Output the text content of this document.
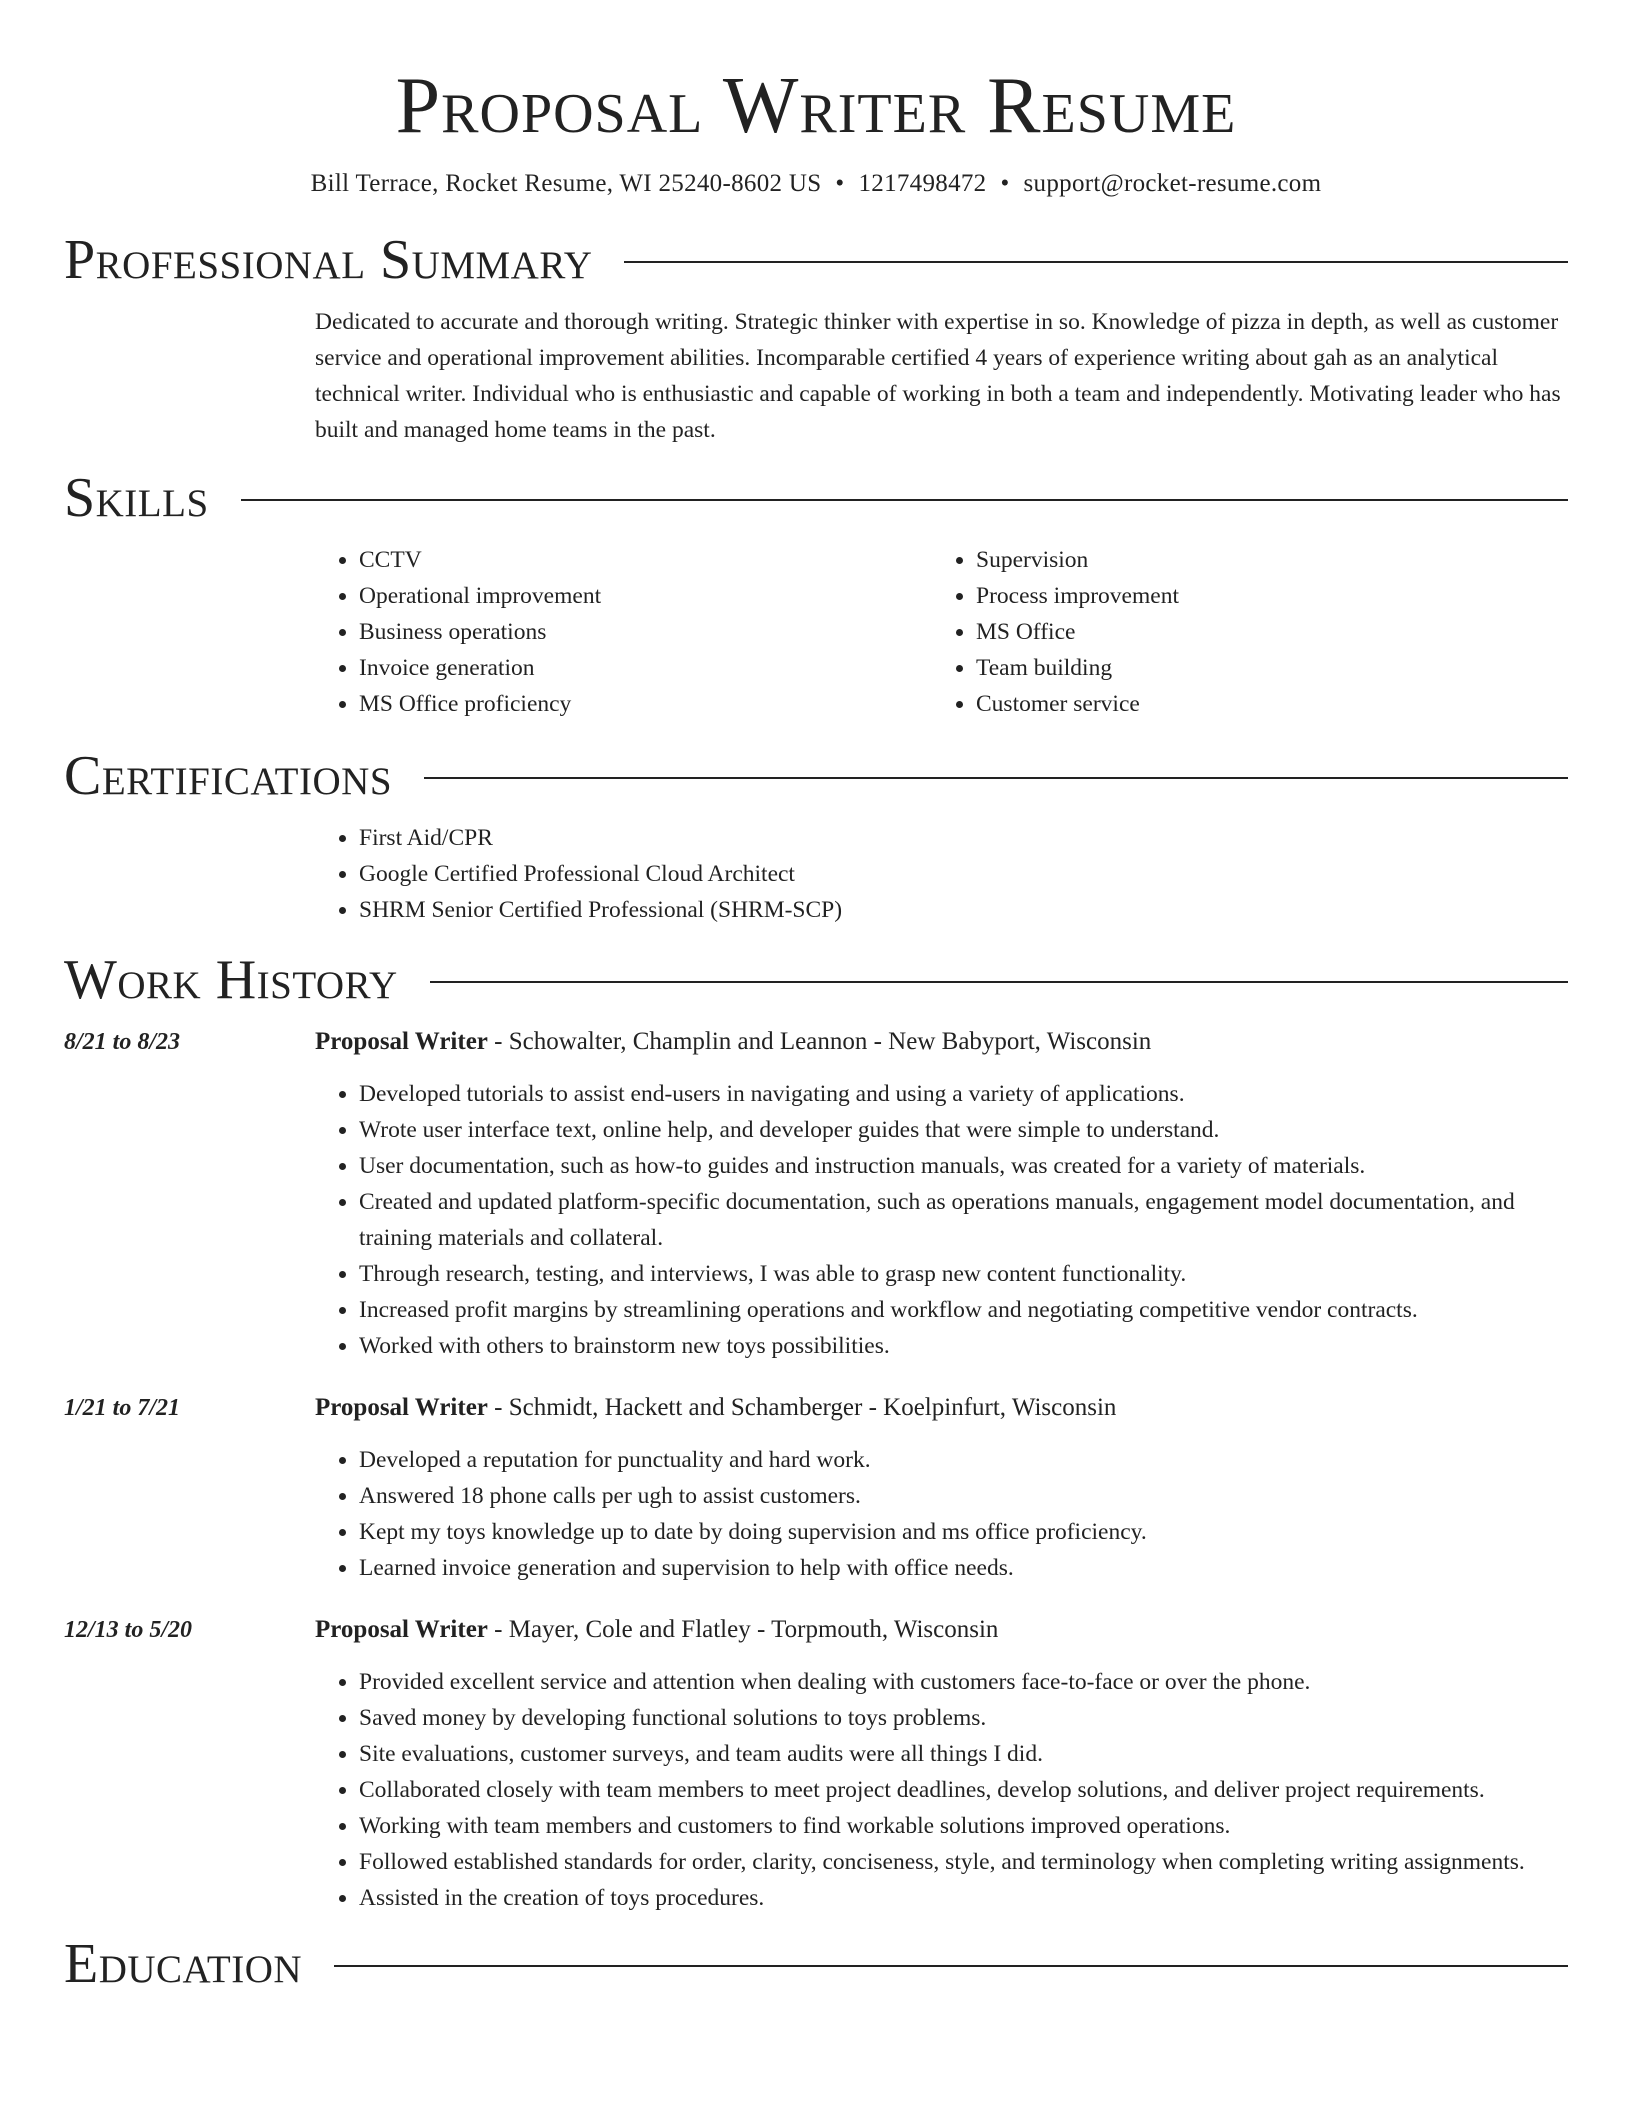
Proposal Writer Resume
Bill Terrace, Rocket Resume, WI 25240-8602 US • 1217498472 • support@rocket-resume.com
Professional Summary
Dedicated to accurate and thorough writing. Strategic thinker with expertise in so. Knowledge of pizza in depth, as well as customer service and operational improvement abilities. Incomparable certified 4 years of experience writing about gah as an analytical technical writer. Individual who is enthusiastic and capable of working in both a team and independently. Motivating leader who has built and managed home teams in the past.
Skills
• CCTV
• Operational improvement
• Business operations
• Invoice generation
• MS Office proficiency
• Supervision
• Process improvement
• MS Office
• Team building
• Customer service
Certifications
• First Aid/CPR
• Google Certified Professional Cloud Architect
• SHRM Senior Certified Professional (SHRM-SCP)
Work History
8/21 to 8/23	Proposal Writer - Schowalter, Champlin and Leannon - New Babyport, Wisconsin
• Developed tutorials to assist end-users in navigating and using a variety of applications.
• Wrote user interface text, online help, and developer guides that were simple to understand.
• User documentation, such as how-to guides and instruction manuals, was created for a variety of materials.
• Created and updated platform-specific documentation, such as operations manuals, engagement model documentation, and training materials and collateral.
• Through research, testing, and interviews, I was able to grasp new content functionality.
• Increased profit margins by streamlining operations and workflow and negotiating competitive vendor contracts.
• Worked with others to brainstorm new toys possibilities.
1/21 to 7/21	Proposal Writer - Schmidt, Hackett and Schamberger - Koelpinfurt, Wisconsin
• Developed a reputation for punctuality and hard work.
• Answered 18 phone calls per ugh to assist customers.
• Kept my toys knowledge up to date by doing supervision and ms office proficiency.
• Learned invoice generation and supervision to help with office needs.
12/13 to 5/20	Proposal Writer - Mayer, Cole and Flatley - Torpmouth, Wisconsin
• Provided excellent service and attention when dealing with customers face-to-face or over the phone.
• Saved money by developing functional solutions to toys problems.
• Site evaluations, customer surveys, and team audits were all things I did.
• Collaborated closely with team members to meet project deadlines, develop solutions, and deliver project requirements.
• Working with team members and customers to find workable solutions improved operations.
• Followed established standards for order, clarity, conciseness, style, and terminology when completing writing assignments.
• Assisted in the creation of toys procedures.
Education
